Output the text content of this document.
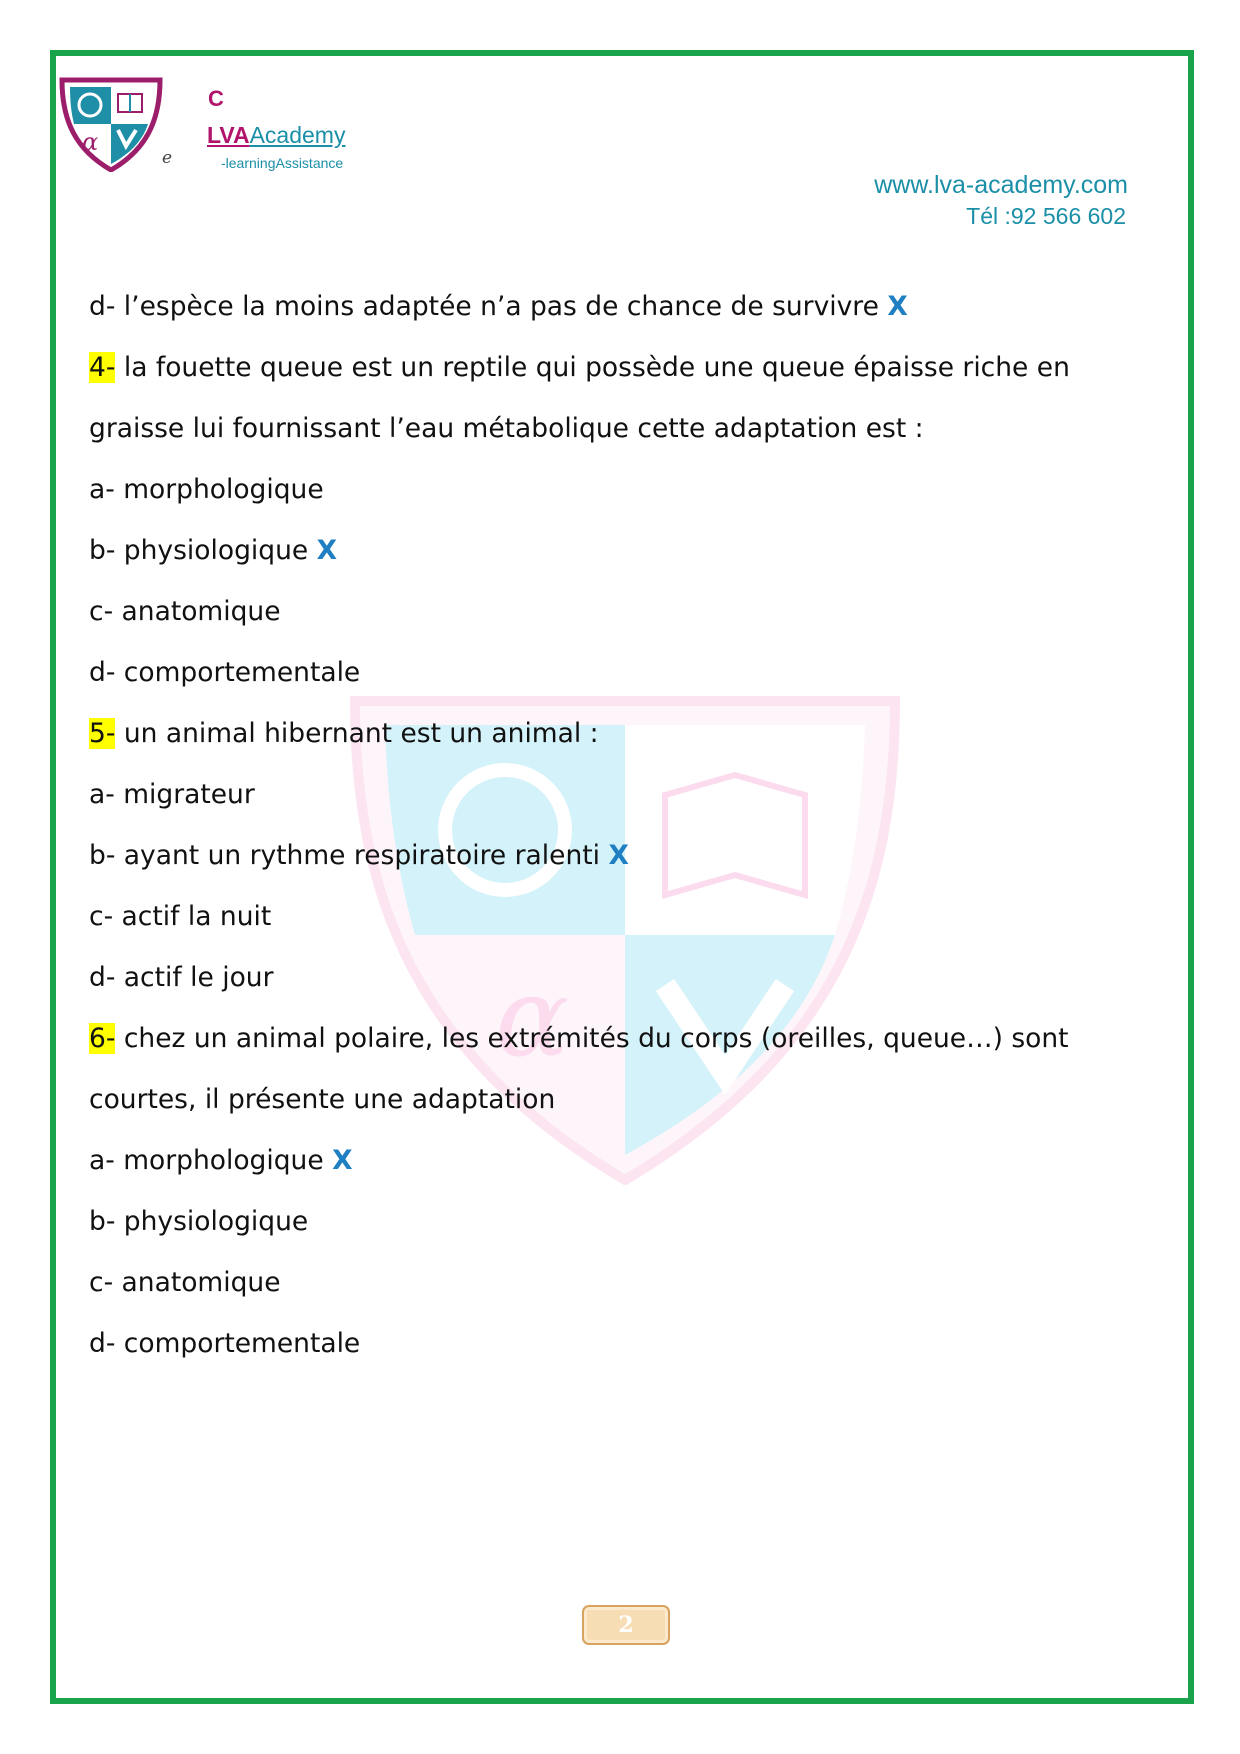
α
α
C
LVAAcademy
e	-learningAssistance
www.lva-academy.com
Tél :92 566 602
d- l’espèce la moins adaptée n’a pas de chance de survivre X
4- la fouette queue est un reptile qui possède une queue épaisse riche en
graisse lui fournissant l’eau métabolique cette adaptation est :
a- morphologique
b- physiologique X
c- anatomique
d- comportementale
5- un animal hibernant est un animal :
a- migrateur
b- ayant un rythme respiratoire ralenti X
c- actif la nuit
d- actif le jour
6- chez un animal polaire, les extrémités du corps (oreilles, queue…) sont
courtes, il présente une adaptation
a- morphologique X
b- physiologique
c- anatomique
d- comportementale
2
